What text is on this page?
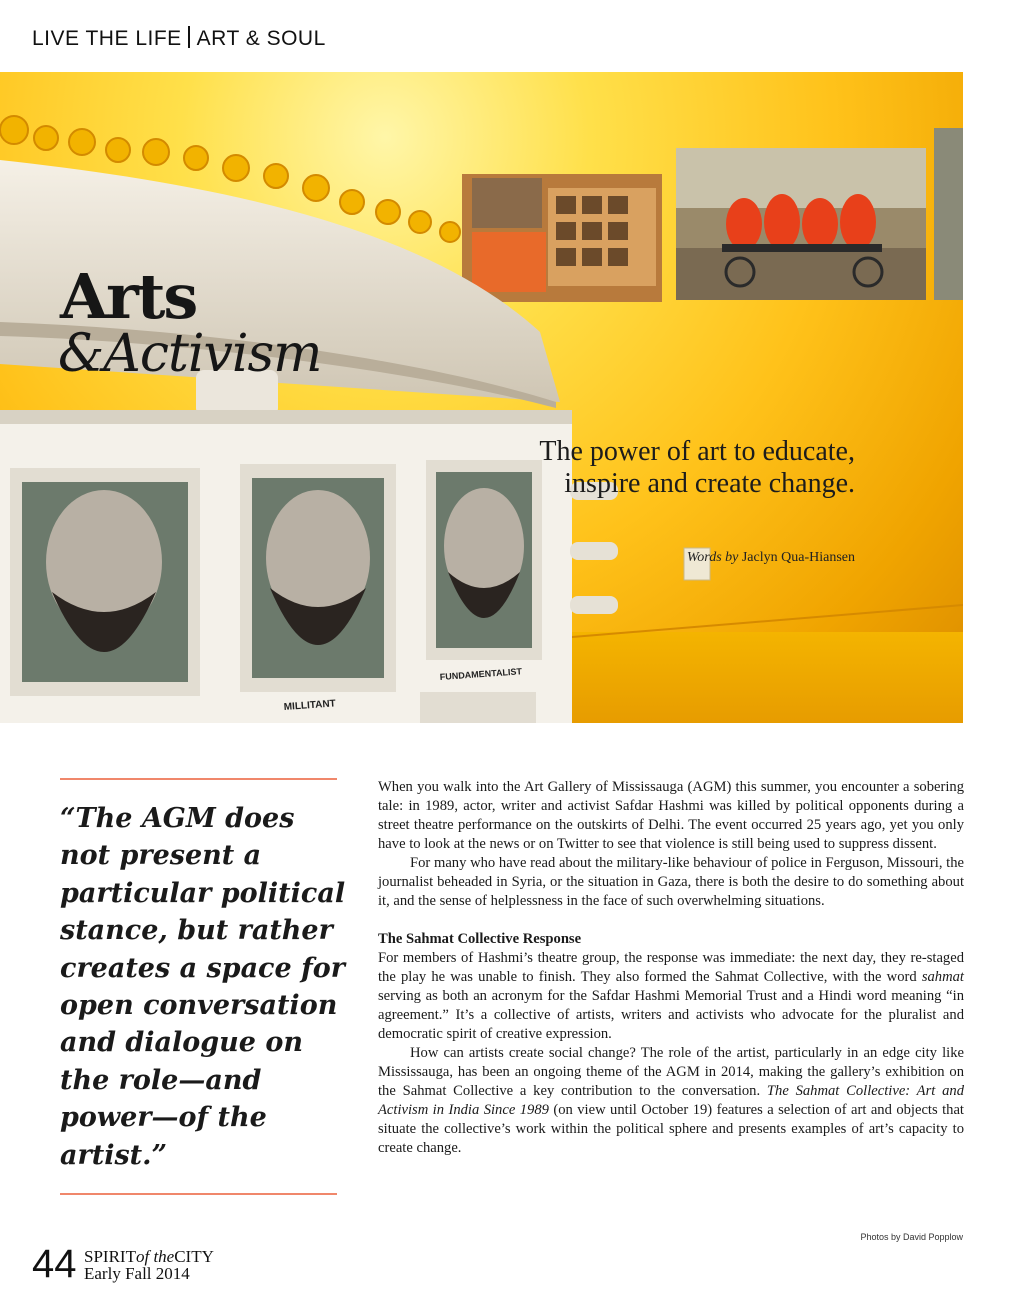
LIVE THE LIFE ART & SOUL
MILLITANT
FUNDAMENTALIST
Arts
&Activism
The power of art to educate, inspire and create change.
Words by Jaclyn Qua-Hiansen
“The AGM does not present a particular political stance, but rather creates a space for open conversation and dialogue on the role—and power—of the artist.”

When you walk into the Art Gallery of Mississauga (AGM) this summer, you encounter a sobering tale: in 1989, actor, writer and activist Safdar Hashmi was killed by political opponents during a street theatre performance on the outskirts of Delhi. The event occurred 25 years ago, yet you only have to look at the news or on Twitter to see that violence is still being used to suppress dissent.

For many who have read about the military-like behaviour of police in Ferguson, Missouri, the journalist beheaded in Syria, or the situation in Gaza, there is both the desire to do something about it, and the sense of helplessness in the face of such overwhelming situations.

The Sahmat Collective Response

For members of Hashmi’s theatre group, the response was immediate: the next day, they re-staged the play he was unable to finish. They also formed the Sahmat Collective, with the word sahmat serving as both an acronym for the Safdar Hashmi Memorial Trust and a Hindi word meaning “in agreement.” It’s a collective of artists, writers and activists who advocate for the pluralist and democratic spirit of creative expression.

How can artists create social change? The role of the artist, particularly in an edge city like Mississauga, has been an ongoing theme of the AGM in 2014, making the gallery’s exhibition on the Sahmat Collective a key contribution to the conversation. The Sahmat Collective: Art and Activism in India Since 1989 (on view until October 19) features a selection of art and objects that situate the collective’s work within the political sphere and presents examples of art’s capacity to create change.

Photos by David Popplow
44 SPIRITof theCITY
Early Fall 2014
